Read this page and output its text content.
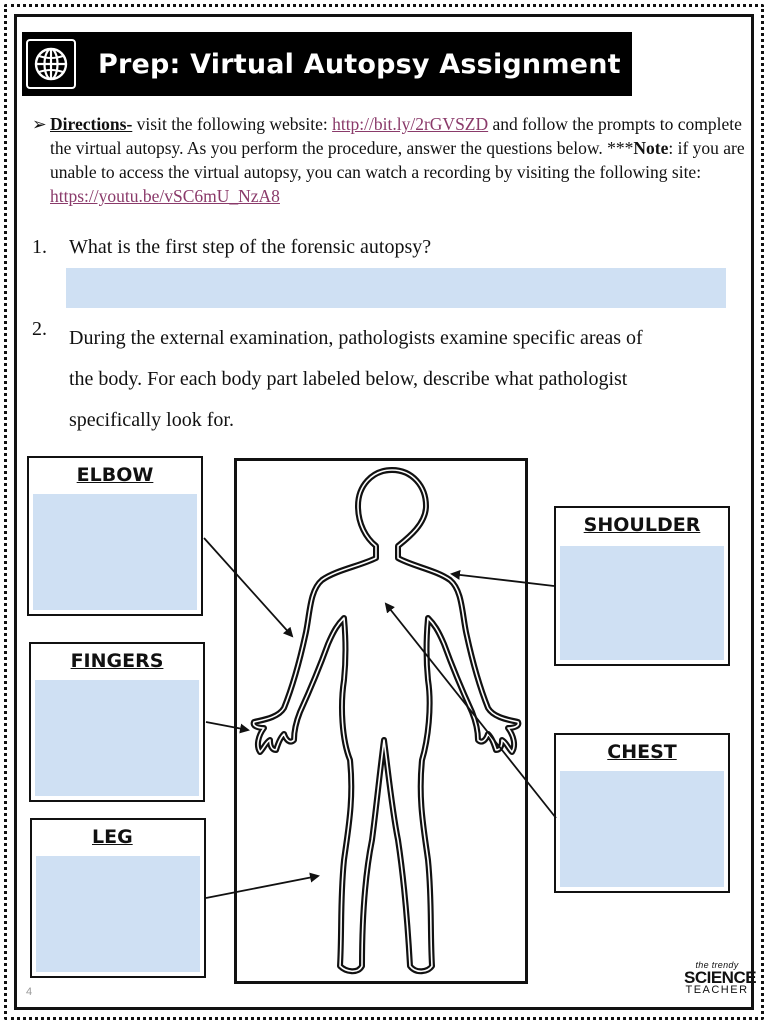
Prep: Virtual Autopsy Assignment
➢ Directions- visit the following website: http://bit.ly/2rGVSZD and follow the prompts to complete the virtual autopsy. As you perform the procedure, answer the questions below. ***Note: if you are unable to access the virtual autopsy, you can watch a recording by visiting the following site: https://youtu.be/vSC6mU_NzA8
1. What is the first step of the forensic autopsy?
2. During the external examination, pathologists examine specific areas of
the body. For each body part labeled below, describe what pathologist
specifically look for.
ELBOW
FINGERS
LEG
SHOULDER
CHEST
4
the trendy
SCIENCE
TEACHER
